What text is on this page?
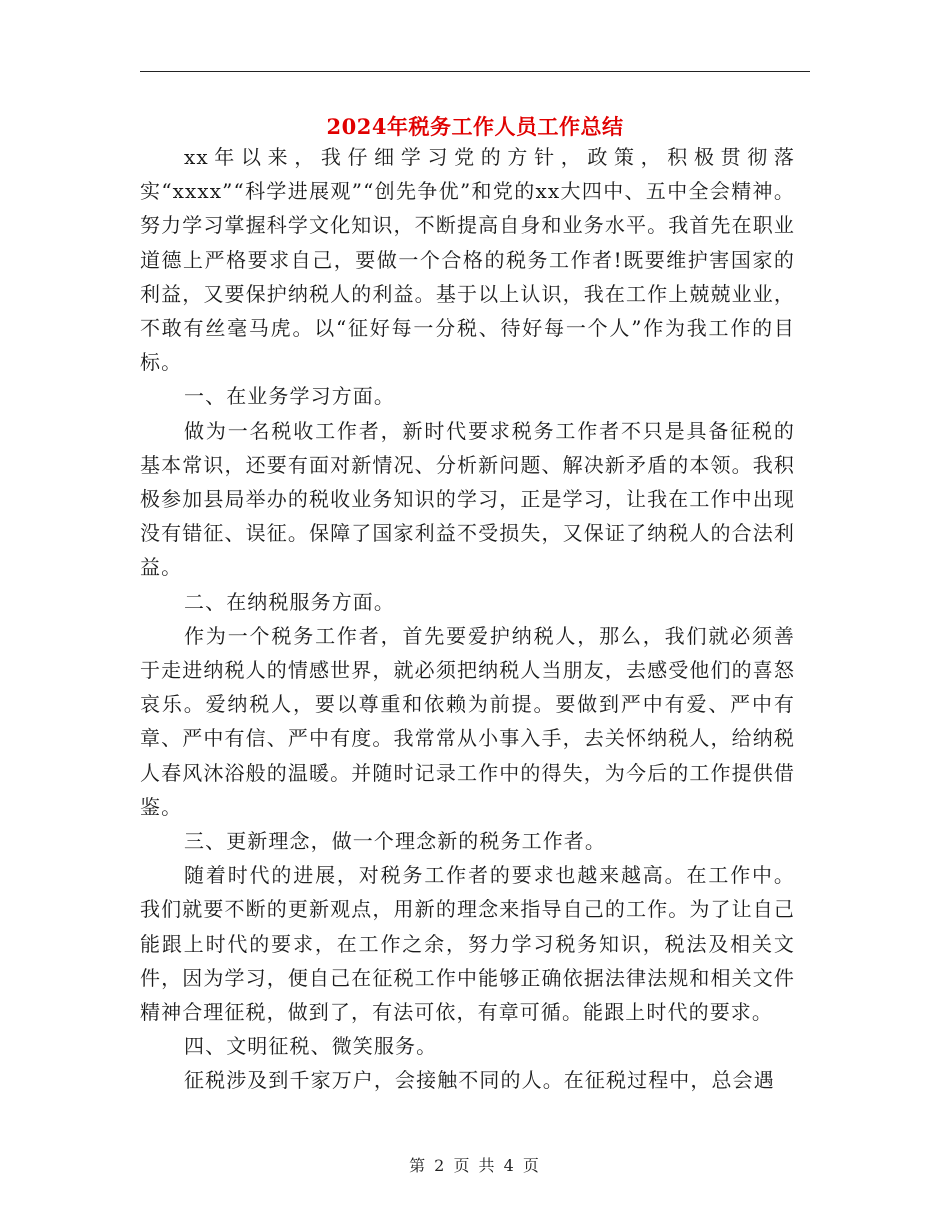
2024年税务工作人员工作总结

xx年以来，我仔细学习党的方针，政策，积极贯彻落实“xxxx”“科学进展观”“创先争优”和党的xx大四中、五中全会精神。努力学习掌握科学文化知识，不断提高自身和业务水平。我首先在职业道德上严格要求自己，要做一个合格的税务工作者!既要维护害国家的利益，又要保护纳税人的利益。基于以上认识，我在工作上兢兢业业，不敢有丝毫马虎。以“征好每一分税、待好每一个人”作为我工作的目标。

一、在业务学习方面。

做为一名税收工作者，新时代要求税务工作者不只是具备征税的基本常识，还要有面对新情况、分析新问题、解决新矛盾的本领。我积极参加县局举办的税收业务知识的学习，正是学习，让我在工作中出现没有错征、误征。保障了国家利益不受损失，又保证了纳税人的合法利益。

二、在纳税服务方面。

作为一个税务工作者，首先要爱护纳税人，那么，我们就必须善于走进纳税人的情感世界，就必须把纳税人当朋友，去感受他们的喜怒哀乐。爱纳税人，要以尊重和依赖为前提。要做到严中有爱、严中有章、严中有信、严中有度。我常常从小事入手，去关怀纳税人，给纳税人春风沐浴般的温暖。并随时记录工作中的得失，为今后的工作提供借鉴。

三、更新理念，做一个理念新的税务工作者。

随着时代的进展，对税务工作者的要求也越来越高。在工作中。我们就要不断的更新观点，用新的理念来指导自己的工作。为了让自己能跟上时代的要求，在工作之余，努力学习税务知识，税法及相关文件，因为学习，便自己在征税工作中能够正确依据法律法规和相关文件精神合理征税，做到了，有法可依，有章可循。能跟上时代的要求。

四、文明征税、微笑服务。

征税涉及到千家万户，会接触不同的人。在征税过程中，总会遇

第 2 页 共 4 页
